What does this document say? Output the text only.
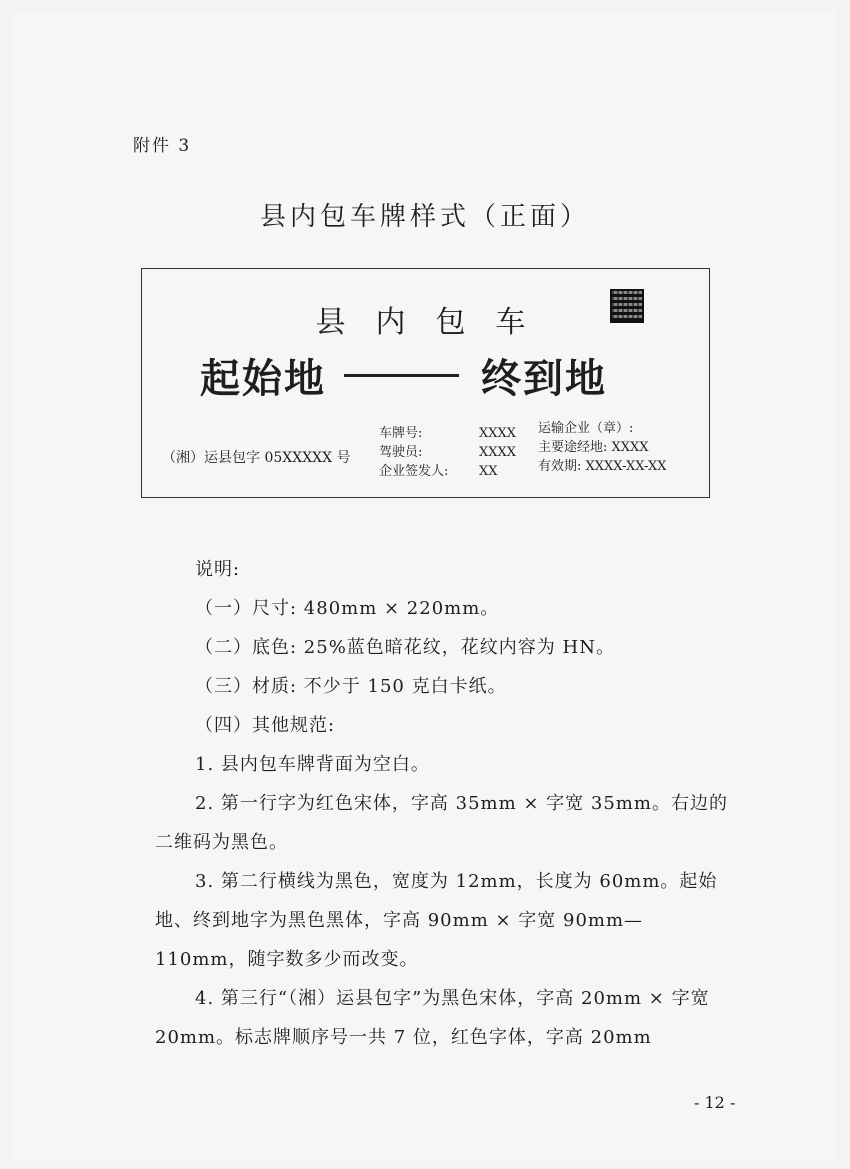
附件 3
县内包车牌样式（正面）
县内包车
起始地	终到地
（湘）运县包字 05XXXXX 号
车牌号:
驾驶员:
企业签发人:
XXXX
XXXX
XX
运输企业（章）:
主要途经地: XXXX
有效期: XXXX-XX-XX

说明:

（一）尺寸: 480mm × 220mm。

（二）底色: 25%蓝色暗花纹，花纹内容为 HN。

（三）材质: 不少于 150 克白卡纸。

（四）其他规范:

1. 县内包车牌背面为空白。

2. 第一行字为红色宋体，字高 35mm × 字宽 35mm。右边的二维码为黑色。

3. 第二行横线为黑色，宽度为 12mm，长度为 60mm。起始地、终到地字为黑色黑体，字高 90mm × 字宽 90mm—110mm，随字数多少而改变。

4. 第三行“（湘）运县包字”为黑色宋体，字高 20mm × 字宽 20mm。标志牌顺序号一共 7 位，红色字体，字高 20mm

- 12 -
